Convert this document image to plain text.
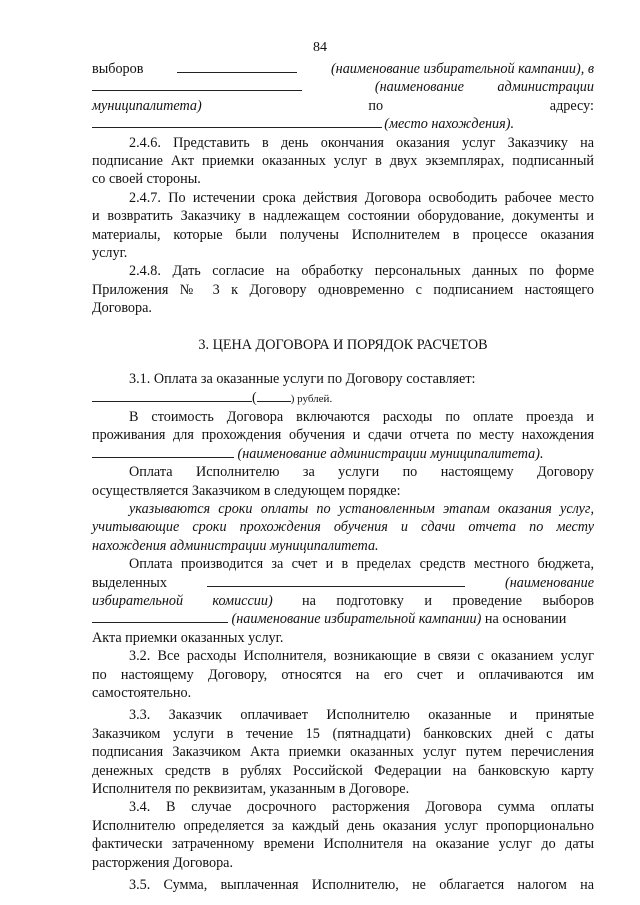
84
выборов	(наименование избирательной кампании), в
(наименование администрации
муниципалитета)	по	адресу:
(место нахождения).

2.4.6. Представить в день окончания оказания услуг Заказчику на

подписание Акт приемки оказанных услуг в двух экземплярах, подписанный

со своей стороны.

2.4.7. По истечении срока действия Договора освободить рабочее место

и возвратить Заказчику в надлежащем состоянии оборудование, документы и

материалы, которые были получены Исполнителем в процессе оказания

услуг.

2.4.8. Дать согласие на обработку персональных данных по форме

Приложения № 3 к Договору одновременно с подписанием настоящего

Договора.

3. ЦЕНА ДОГОВОРА И ПОРЯДОК РАСЧЕТОВ

3.1. Оплата за оказанные услуги по Договору составляет:

(	) рублей.

В стоимость Договора включаются расходы по оплате проезда и

проживания для прохождения обучения и сдачи отчета по месту нахождения

(наименование администрации муниципалитета).

Оплата Исполнителю за услуги по настоящему Договору

осуществляется Заказчиком в следующем порядке:

указываются сроки оплаты по установленным этапам оказания услуг,

учитывающие сроки прохождения обучения и сдачи отчета по месту

нахождения администрации муниципалитета.

Оплата производится за счет и в пределах средств местного бюджета,

выделенных	(наименование
избирательной комиссии) на подготовку и проведение выборов
(наименование избирательной кампании) на основании

Акта приемки оказанных услуг.

3.2. Все расходы Исполнителя, возникающие в связи с оказанием услуг

по настоящему Договору, относятся на его счет и оплачиваются им

самостоятельно.

3.3. Заказчик оплачивает Исполнителю оказанные и принятые

Заказчиком услуги в течение 15 (пятнадцати) банковских дней с даты

подписания Заказчиком Акта приемки оказанных услуг путем перечисления

денежных средств в рублях Российской Федерации на банковскую карту

Исполнителя по реквизитам, указанным в Договоре.

3.4. В случае досрочного расторжения Договора сумма оплаты

Исполнителю определяется за каждый день оказания услуг пропорционально

фактически затраченному времени Исполнителя на оказание услуг до даты

расторжения Договора.

3.5. Сумма, выплаченная Исполнителю, не облагается налогом на
